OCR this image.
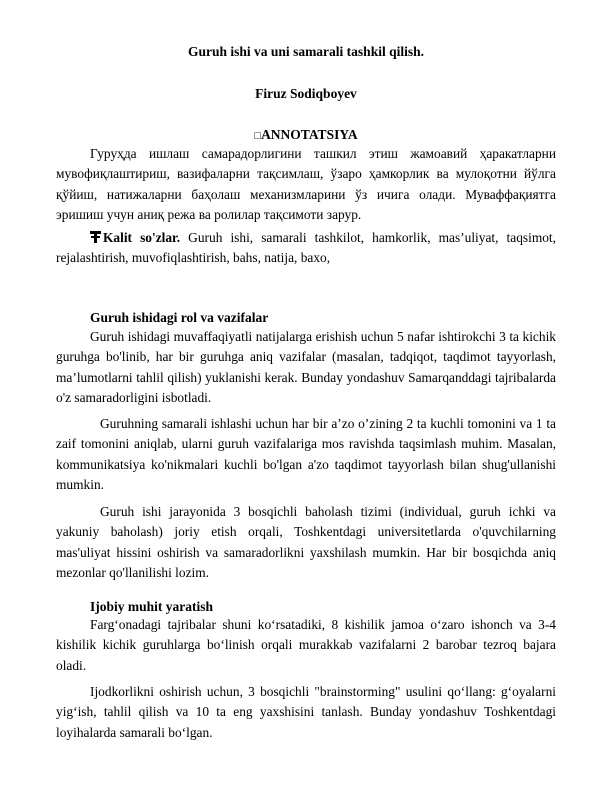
Guruh ishi va uni samarali tashkil qilish.
Firuz Sodiqboyev
□ANNOTATSIYA

Гуруҳда ишлаш самарадорлигини ташкил этиш жамоавий ҳаракатларни мувофиқлаштириш, вазифаларни тақсимлаш, ўзаро ҳамкорлик ва мулоқотни йўлга қўйиш, натижаларни баҳолаш механизмларини ўз ичига олади. Муваффақиятга эришиш учун аниқ режа ва ролилар тақсимоти зарур.

Kalit so'zlar. Guruh ishi, samarali tashkilot, hamkorlik, mas’uliyat, taqsimot, rejalashtirish, muvofiqlashtirish, bahs, natija, baxo,

Guruh ishidagi rol va vazifalar

Guruh ishidagi muvaffaqiyatli natijalarga erishish uchun 5 nafar ishtirokchi 3 ta kichik guruhga bo'linib, har bir guruhga aniq vazifalar (masalan, tadqiqot, taqdimot tayyorlash, ma’lumotlarni tahlil qilish) yuklanishi kerak. Bunday yondashuv Samarqanddagi tajribalarda o'z samaradorligini isbotladi.

Guruhning samarali ishlashi uchun har bir a’zo o’zining 2 ta kuchli tomonini va 1 ta zaif tomonini aniqlab, ularni guruh vazifalariga mos ravishda taqsimlash muhim. Masalan, kommunikatsiya ko'nikmalari kuchli bo'lgan a'zo taqdimot tayyorlash bilan shug'ullanishi mumkin.

Guruh ishi jarayonida 3 bosqichli baholash tizimi (individual, guruh ichki va yakuniy baholash) joriy etish orqali, Toshkentdagi universitetlarda o'quvchilarning mas'uliyat hissini oshirish va samaradorlikni yaxshilash mumkin. Har bir bosqichda aniq mezonlar qo'llanilishi lozim.

Ijobiy muhit yaratish

Farg‘onadagi tajribalar shuni ko‘rsatadiki, 8 kishilik jamoa o‘zaro ishonch va 3-4 kishilik kichik guruhlarga bo‘linish orqali murakkab vazifalarni 2 barobar tezroq bajara oladi.

Ijodkorlikni oshirish uchun, 3 bosqichli "brainstorming" usulini qo‘llang: g‘oyalarni yig‘ish, tahlil qilish va 10 ta eng yaxshisini tanlash. Bunday yondashuv Toshkentdagi loyihalarda samarali bo‘lgan.
